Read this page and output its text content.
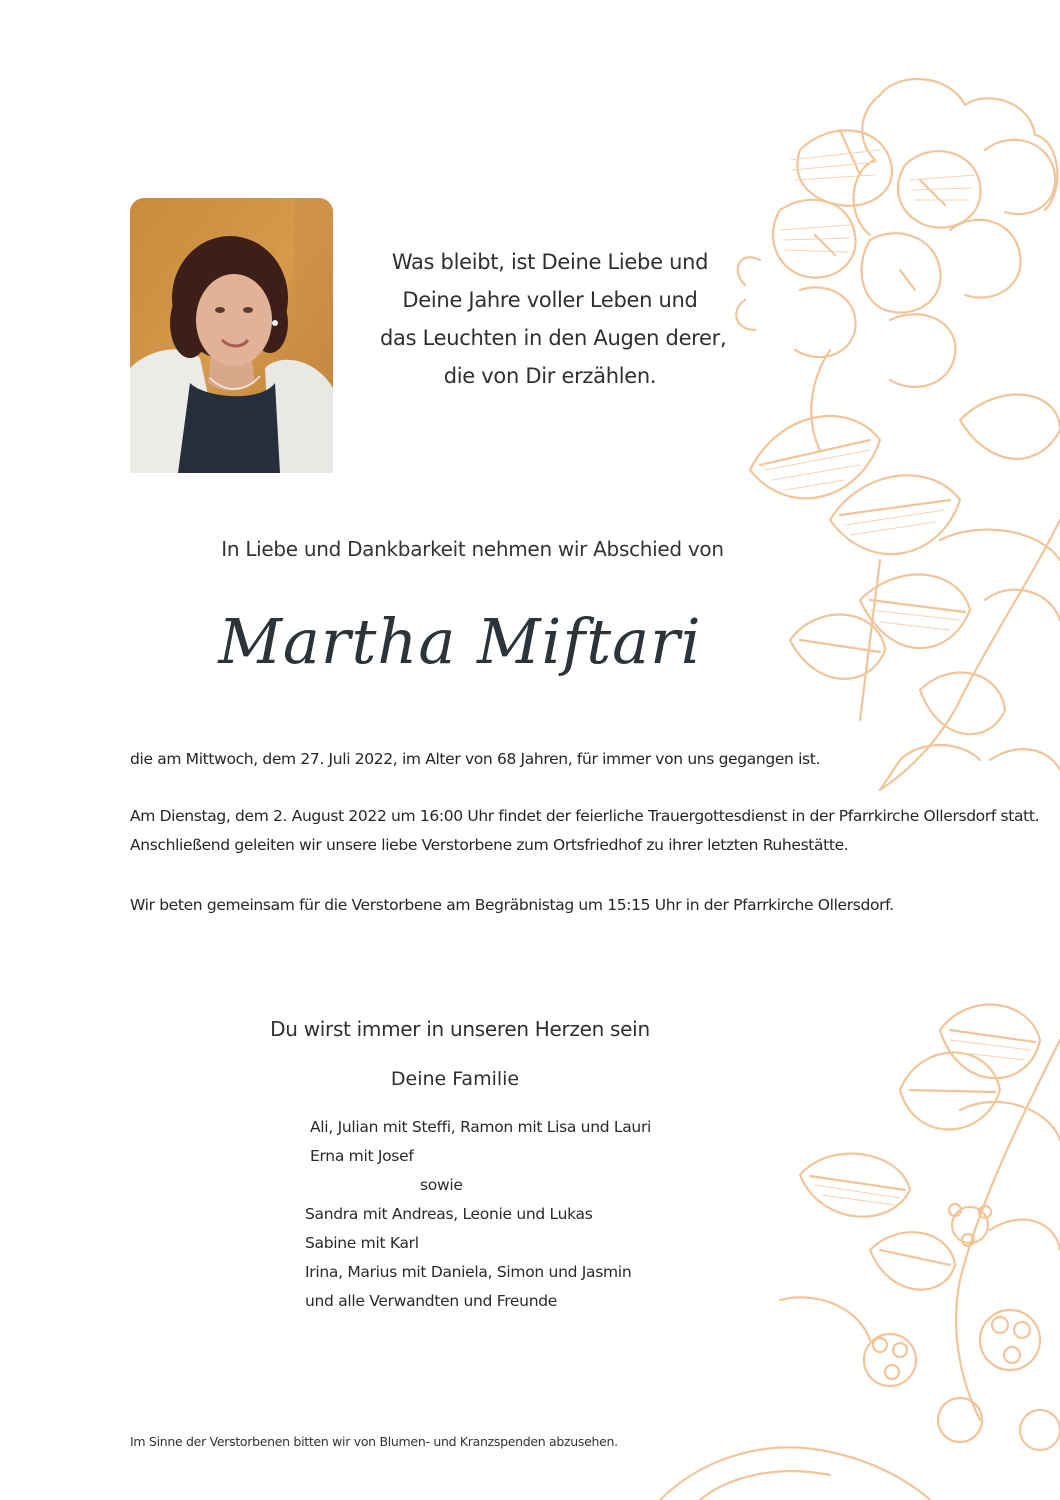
Was bleibt, ist Deine Liebe und
Deine Jahre voller Leben und
das Leuchten in den Augen derer,
die von Dir erzählen.
In Liebe und Dankbarkeit nehmen wir Abschied von
Martha Miftari
die am Mittwoch, dem 27. Juli 2022, im Alter von 68 Jahren, für immer von uns gegangen ist.
Am Dienstag, dem 2. August 2022 um 16:00 Uhr findet der feierliche Trauergottesdienst in der Pfarrkirche Ollersdorf statt.
Anschließend geleiten wir unsere liebe Verstorbene zum Ortsfriedhof zu ihrer letzten Ruhestätte.
Wir beten gemeinsam für die Verstorbene am Begräbnistag um 15:15 Uhr in der Pfarrkirche Ollersdorf.
Du wirst immer in unseren Herzen sein
Deine Familie
Ali, Julian mit Steffi, Ramon mit Lisa und Lauri
Erna mit Josef
sowie
Sandra mit Andreas, Leonie und Lukas
Sabine mit Karl
Irina, Marius mit Daniela, Simon und Jasmin
und alle Verwandten und Freunde
Im Sinne der Verstorbenen bitten wir von Blumen- und Kranzspenden abzusehen.
